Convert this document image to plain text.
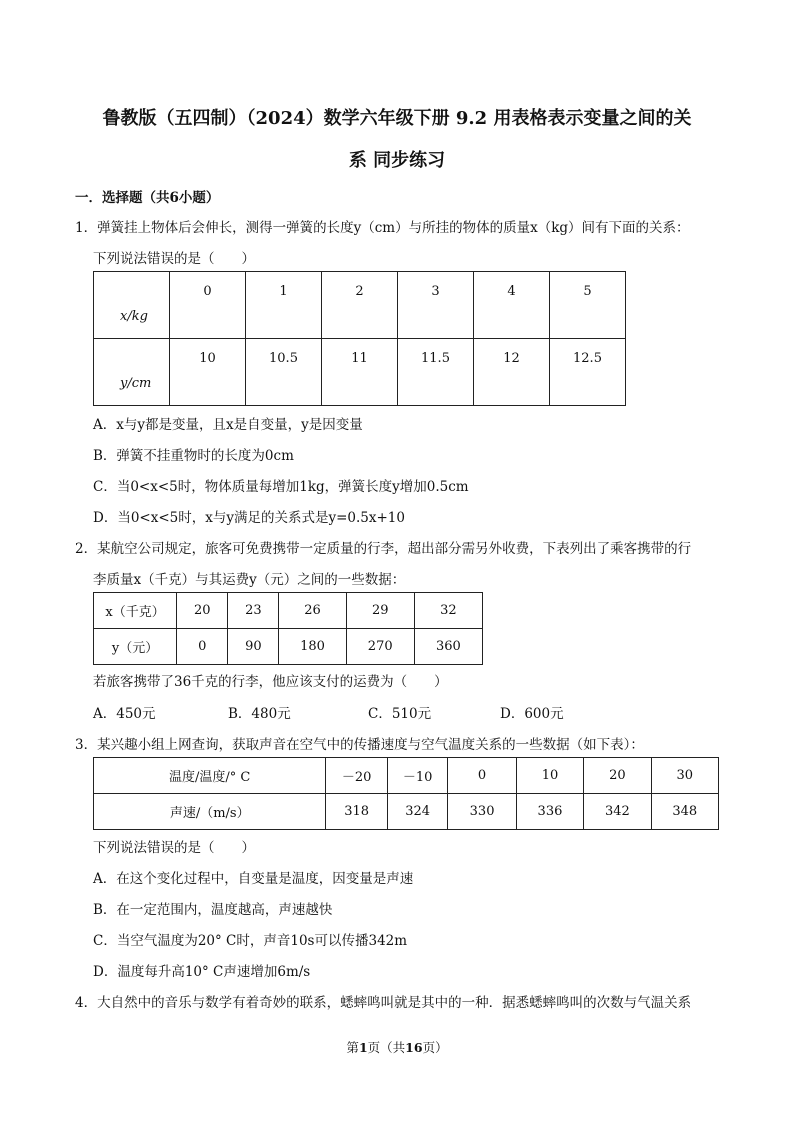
鲁教版（五四制）（2024）数学六年级下册 9.2 用表格表示变量之间的关
系 同步练习
一．选择题（共6小题）
1．弹簧挂上物体后会伸长，测得一弹簧的长度y（cm）与所挂的物体的质量x（kg）间有下面的关系：
下列说法错误的是（　　）
x/kg	0	1	2	3	4	5

y/cm	10	10.5	11	11.5	12	12.5
A．x与y都是变量，且x是自变量，y是因变量
B．弹簧不挂重物时的长度为0cm
C．当0<x<5时，物体质量每增加1kg，弹簧长度y增加0.5cm
D．当0<x<5时，x与y满足的关系式是y=0.5x+10
2．某航空公司规定，旅客可免费携带一定质量的行李，超出部分需另外收费，下表列出了乘客携带的行
李质量x（千克）与其运费y（元）之间的一些数据：
x（千克）	20	23	26	29	32
y（元）	0	90	180	270	360
若旅客携带了36千克的行李，他应该支付的运费为（　　）
A．450元	B．480元	C．510元	D．600元
3．某兴趣小组上网查询，获取声音在空气中的传播速度与空气温度关系的一些数据（如下表）：
温度/温度/° C	－20	－10	0	10	20	30
声速/（m/s）	318	324	330	336	342	348
下列说法错误的是（　　）
A．在这个变化过程中，自变量是温度，因变量是声速
B．在一定范围内，温度越高，声速越快
C．当空气温度为20° C时，声音10s可以传播342m
D．温度每升高10° C声速增加6m/s
4．大自然中的音乐与数学有着奇妙的联系，蟋蟀鸣叫就是其中的一种．据悉蟋蟀鸣叫的次数与气温关系
第1页（共16页）
